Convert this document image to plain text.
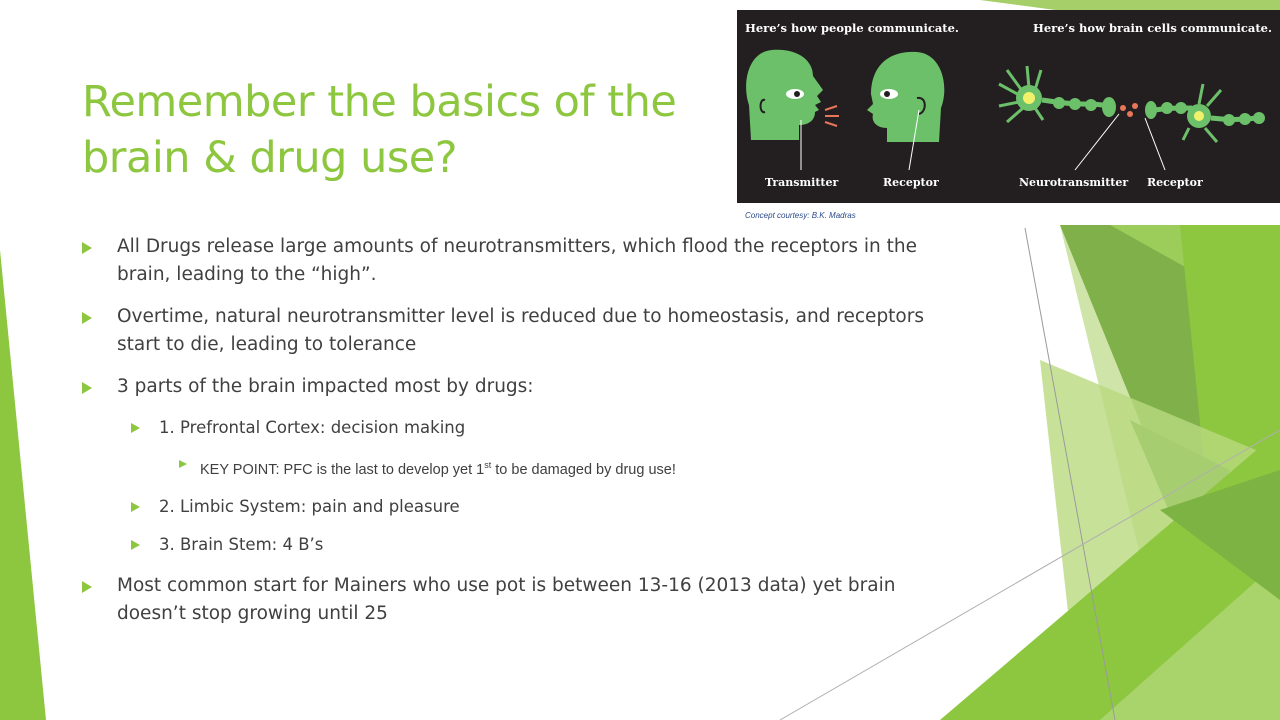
Remember the basics of the
brain & drug use?
All Drugs release large amounts of neurotransmitters, which flood the receptors in the brain, leading to the “high”.
Overtime, natural neurotransmitter level is reduced due to homeostasis, and receptors start to die, leading to tolerance
3 parts of the brain impacted most by drugs:
1. Prefrontal Cortex: decision making
KEY POINT: PFC is the last to develop yet 1st to be damaged by drug use!
2. Limbic System: pain and pleasure
3. Brain Stem: 4 B’s
Most common start for Mainers who use pot is between 13-16 (2013 data) yet brain doesn’t stop growing until 25
Here’s how people communicate.	Here’s how brain cells communicate.
Transmitter	Receptor	Neurotransmitter Receptor
Concept courtesy: B.K. Madras
